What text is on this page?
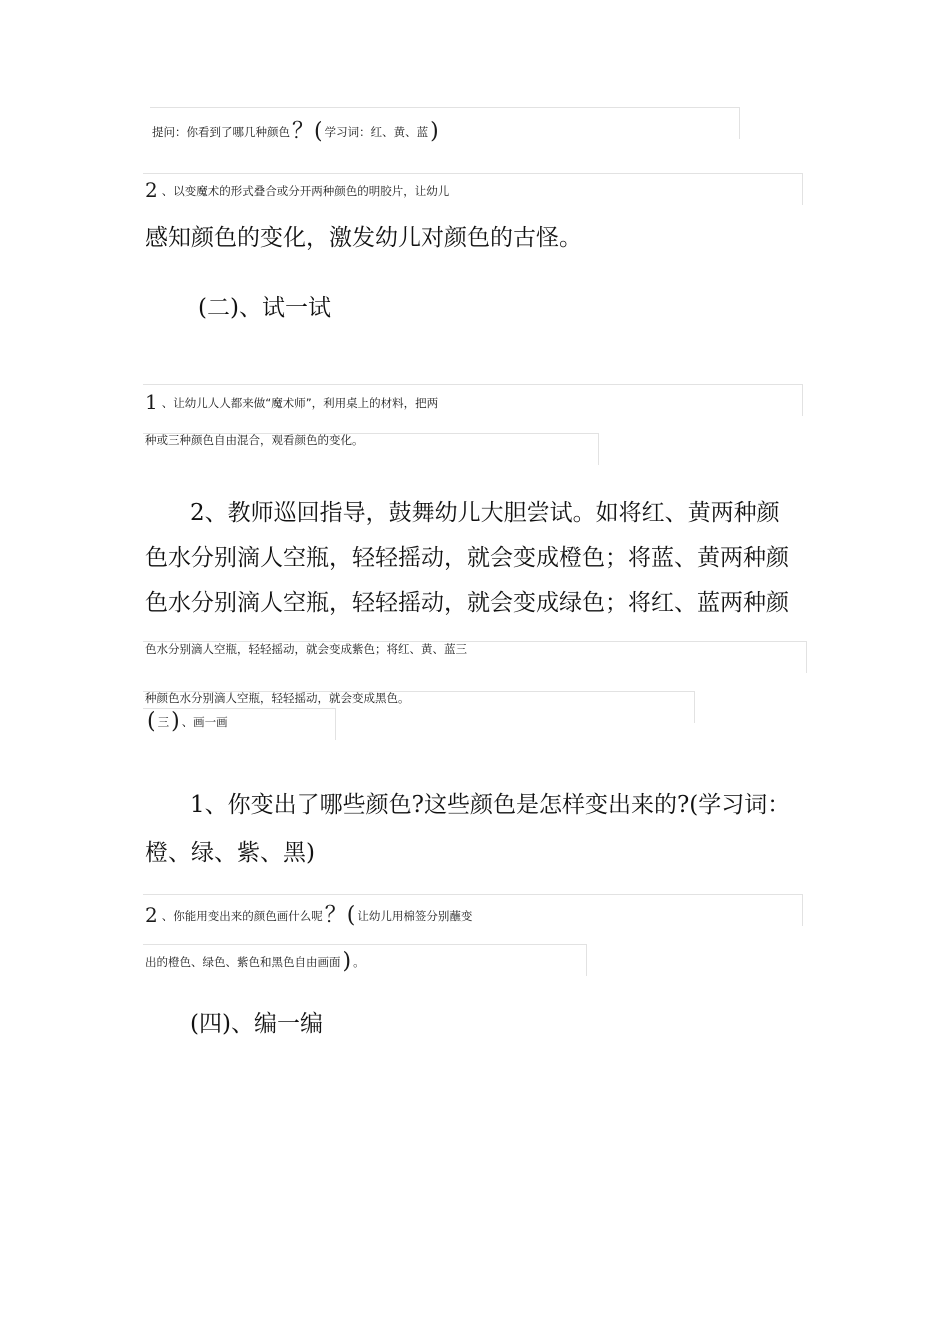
提问：你看到了哪几种颜色？( 学习词：红、黄、蓝)
2 、以变魔术的形式叠合或分开两种颜色的明胶片，让幼儿
感知颜色的变化，激发幼儿对颜色的古怪。
(二)、试一试
1 、让幼儿人人都来做“魔术师”，利用桌上的材料，把两
种或三种颜色自由混合，观看颜色的变化。
2、教师巡回指导，鼓舞幼儿大胆尝试。如将红、黄两种颜
色水分别滴人空瓶，轻轻摇动，就会变成橙色；将蓝、黄两种颜
色水分别滴人空瓶，轻轻摇动，就会变成绿色；将红、蓝两种颜
色水分别滴人空瓶，轻轻摇动，就会变成紫色；将红、黄、蓝三
种颜色水分别滴人空瓶，轻轻摇动，就会变成黑色。
( 三) 、画一画
1、你变出了哪些颜色?这些颜色是怎样变出来的?(学习词：
橙、绿、紫、黑)
2 、你能用变出来的颜色画什么呢？( 让幼儿用棉签分别蘸变
出的橙色、绿色、紫色和黑色自由画面) 。
(四)、编一编
